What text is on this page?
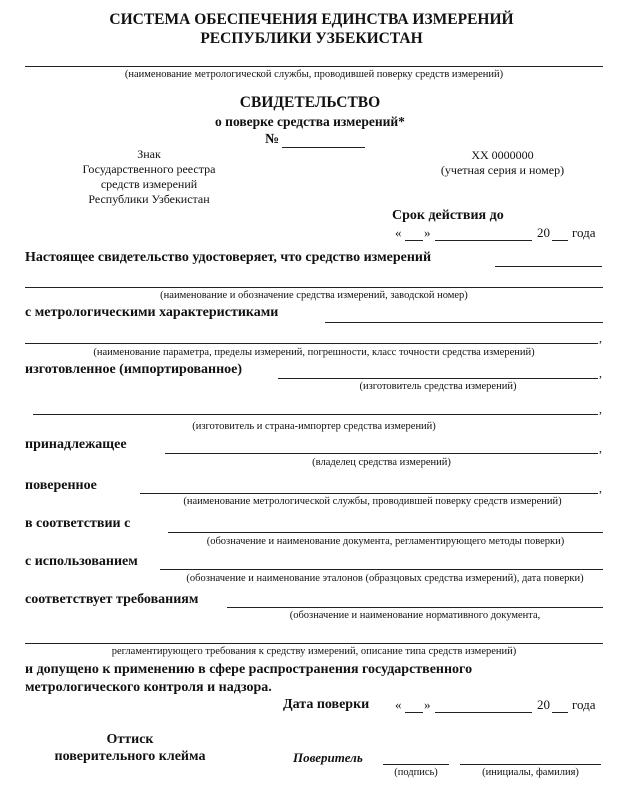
СИСТЕМА ОБЕСПЕЧЕНИЯ ЕДИНСТВА ИЗМЕРЕНИЙ
РЕСПУБЛИКИ УЗБЕКИСТАН
(наименование метрологической службы, проводившей поверку средств измерений)
СВИДЕТЕЛЬСТВО
о поверке средства измерений*
№
Знак
Государственного реестра
средств измерений
Республики Узбекистан
XX 0000000
(учетная серия и номер)
Срок действия до
« »	20 года
Настоящее свидетельство удостоверяет, что средство измерений
(наименование и обозначение средства измерений, заводской номер)
с метрологическими характеристиками
,
(наименование параметра, пределы измерений, погрешности, класс точности средства измерений)
изготовленное (импортированное)	,
(изготовитель средства измерений)
,
(изготовитель и страна-импортер средства измерений)
принадлежащее	,
(владелец средства измерений)
поверенное	,
(наименование метрологической службы, проводившей поверку средств измерений)
в соответствии с
(обозначение и наименование документа, регламентирующего методы поверки)
с использованием
(обозначение и наименование эталонов (образцовых средства измерений), дата поверки)
соответствует требованиям
(обозначение и наименование нормативного документа,
регламентирующего требования к средству измерений, описание типа средств измерений)
и допущено к применению в сфере распространения государственного
метрологического контроля и надзора.
Дата поверки « »	20 года
Оттиск
поверительного клейма	Поверитель
(подпись)	(инициалы, фамилия)
